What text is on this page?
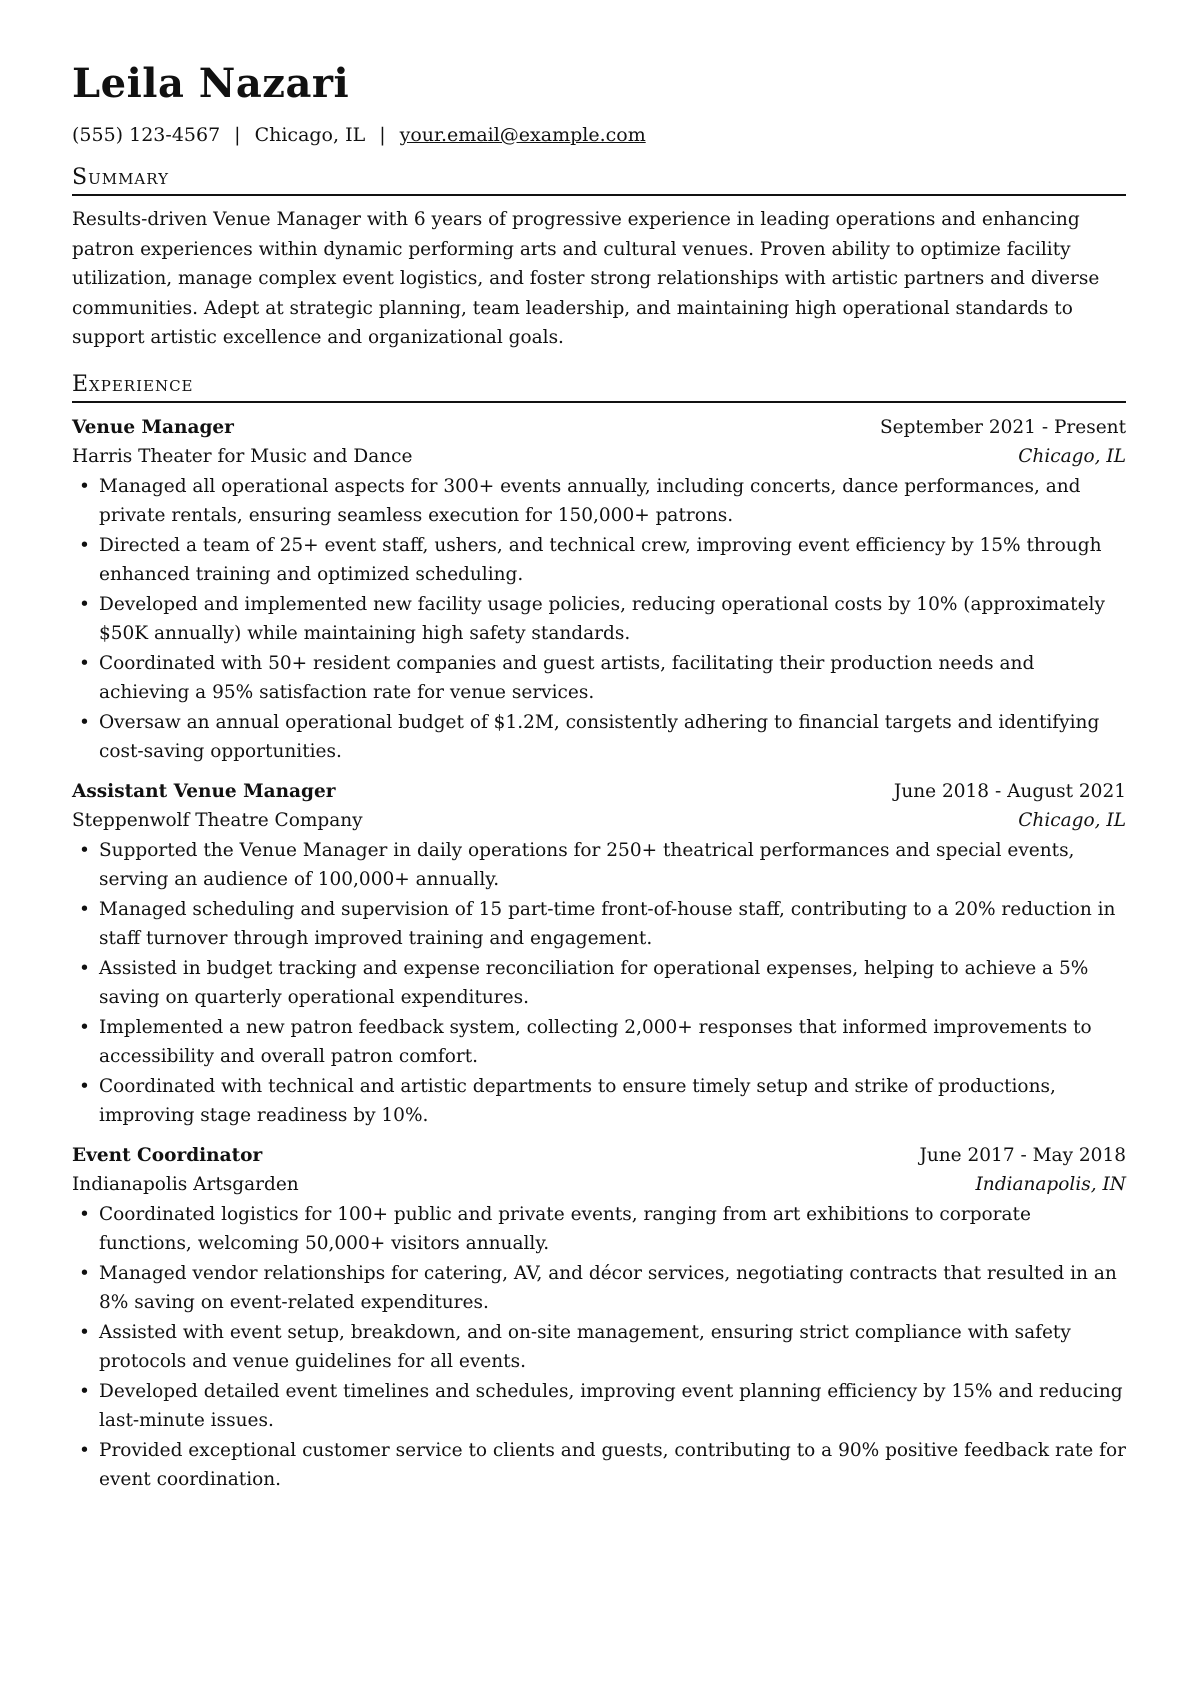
Leila Nazari
(555) 123-4567 | Chicago, IL | your.email@example.com
Summary
Results-driven Venue Manager with 6 years of progressive experience in leading operations and enhancing patron experiences within dynamic performing arts and cultural venues. Proven ability to optimize facility utilization, manage complex event logistics, and foster strong relationships with artistic partners and diverse communities. Adept at strategic planning, team leadership, and maintaining high operational standards to support artistic excellence and organizational goals.
Experience
Venue Manager	September 2021 - Present
Harris Theater for Music and Dance	Chicago, IL
• Managed all operational aspects for 300+ events annually, including concerts, dance performances, and private rentals, ensuring seamless execution for 150,000+ patrons.
• Directed a team of 25+ event staff, ushers, and technical crew, improving event efficiency by 15% through enhanced training and optimized scheduling.
• Developed and implemented new facility usage policies, reducing operational costs by 10% (approximately $50K annually) while maintaining high safety standards.
• Coordinated with 50+ resident companies and guest artists, facilitating their production needs and achieving a 95% satisfaction rate for venue services.
• Oversaw an annual operational budget of $1.2M, consistently adhering to financial targets and identifying cost-saving opportunities.
Assistant Venue Manager	June 2018 - August 2021
Steppenwolf Theatre Company	Chicago, IL
• Supported the Venue Manager in daily operations for 250+ theatrical performances and special events, serving an audience of 100,000+ annually.
• Managed scheduling and supervision of 15 part-time front-of-house staff, contributing to a 20% reduction in staff turnover through improved training and engagement.
• Assisted in budget tracking and expense reconciliation for operational expenses, helping to achieve a 5% saving on quarterly operational expenditures.
• Implemented a new patron feedback system, collecting 2,000+ responses that informed improvements to accessibility and overall patron comfort.
• Coordinated with technical and artistic departments to ensure timely setup and strike of productions, improving stage readiness by 10%.
Event Coordinator	June 2017 - May 2018
Indianapolis Artsgarden	Indianapolis, IN
• Coordinated logistics for 100+ public and private events, ranging from art exhibitions to corporate functions, welcoming 50,000+ visitors annually.
• Managed vendor relationships for catering, AV, and décor services, negotiating contracts that resulted in an 8% saving on event-related expenditures.
• Assisted with event setup, breakdown, and on-site management, ensuring strict compliance with safety protocols and venue guidelines for all events.
• Developed detailed event timelines and schedules, improving event planning efficiency by 15% and reducing last-minute issues.
• Provided exceptional customer service to clients and guests, contributing to a 90% positive feedback rate for event coordination.
